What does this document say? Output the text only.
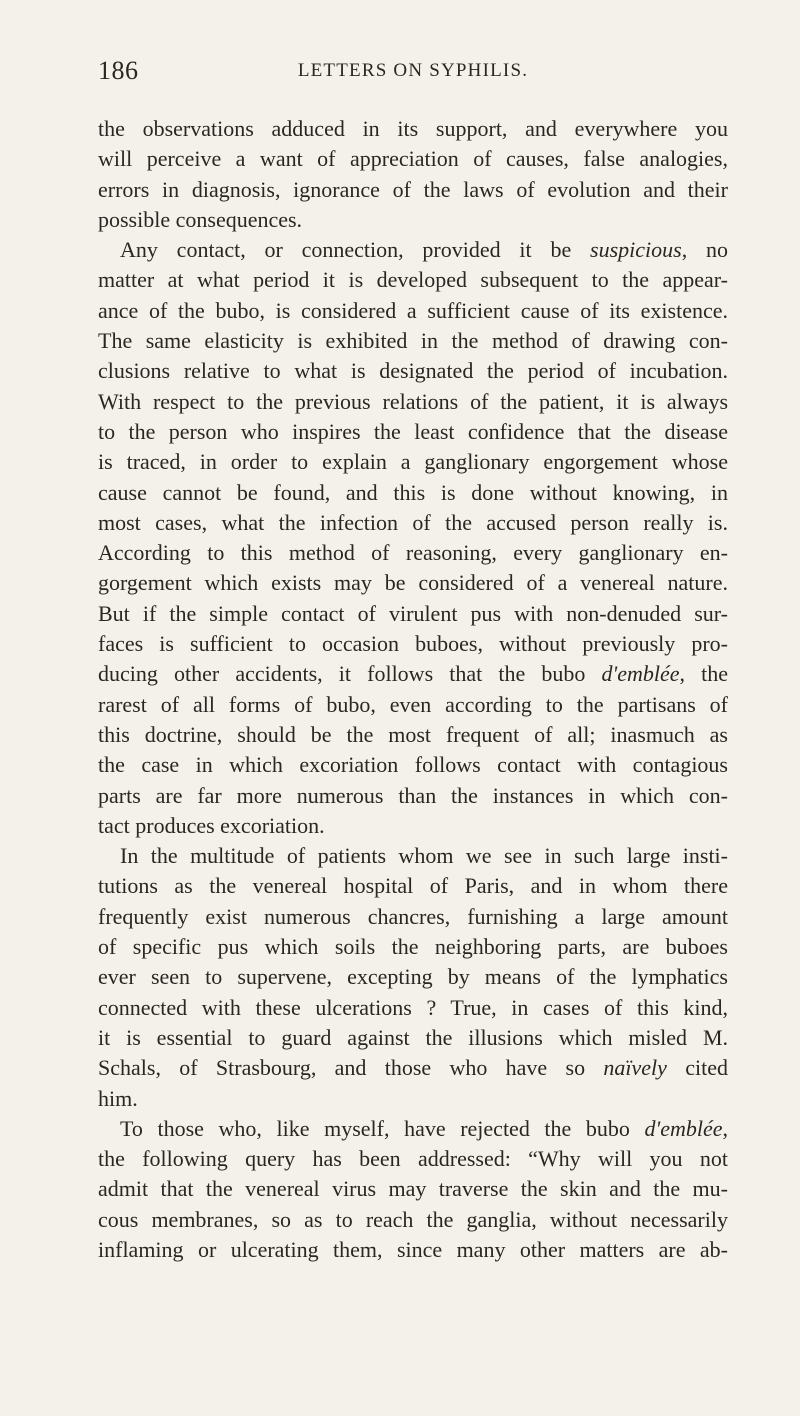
186	LETTERS ON SYPHILIS.
the observations adduced in its support, and everywhere you
will perceive a want of appreciation of causes, false analogies,
errors in diagnosis, ignorance of the laws of evolution and their
possible consequences.
Any contact, or connection, provided it be suspicious, no
matter at what period it is developed subsequent to the appear-
ance of the bubo, is considered a sufficient cause of its existence.
The same elasticity is exhibited in the method of drawing con-
clusions relative to what is designated the period of incubation.
With respect to the previous relations of the patient, it is always
to the person who inspires the least confidence that the disease
is traced, in order to explain a ganglionary engorgement whose
cause cannot be found, and this is done without knowing, in
most cases, what the infection of the accused person really is.
According to this method of reasoning, every ganglionary en-
gorgement which exists may be considered of a venereal nature.
But if the simple contact of virulent pus with non-denuded sur-
faces is sufficient to occasion buboes, without previously pro-
ducing other accidents, it follows that the bubo d'emblée, the
rarest of all forms of bubo, even according to the partisans of
this doctrine, should be the most frequent of all; inasmuch as
the case in which excoriation follows contact with contagious
parts are far more numerous than the instances in which con-
tact produces excoriation.
In the multitude of patients whom we see in such large insti-
tutions as the venereal hospital of Paris, and in whom there
frequently exist numerous chancres, furnishing a large amount
of specific pus which soils the neighboring parts, are buboes
ever seen to supervene, excepting by means of the lymphatics
connected with these ulcerations ? True, in cases of this kind,
it is essential to guard against the illusions which misled M.
Schals, of Strasbourg, and those who have so naïvely cited
him.
To those who, like myself, have rejected the bubo d'emblée,
the following query has been addressed: “Why will you not
admit that the venereal virus may traverse the skin and the mu-
cous membranes, so as to reach the ganglia, without necessarily
inflaming or ulcerating them, since many other matters are ab-
